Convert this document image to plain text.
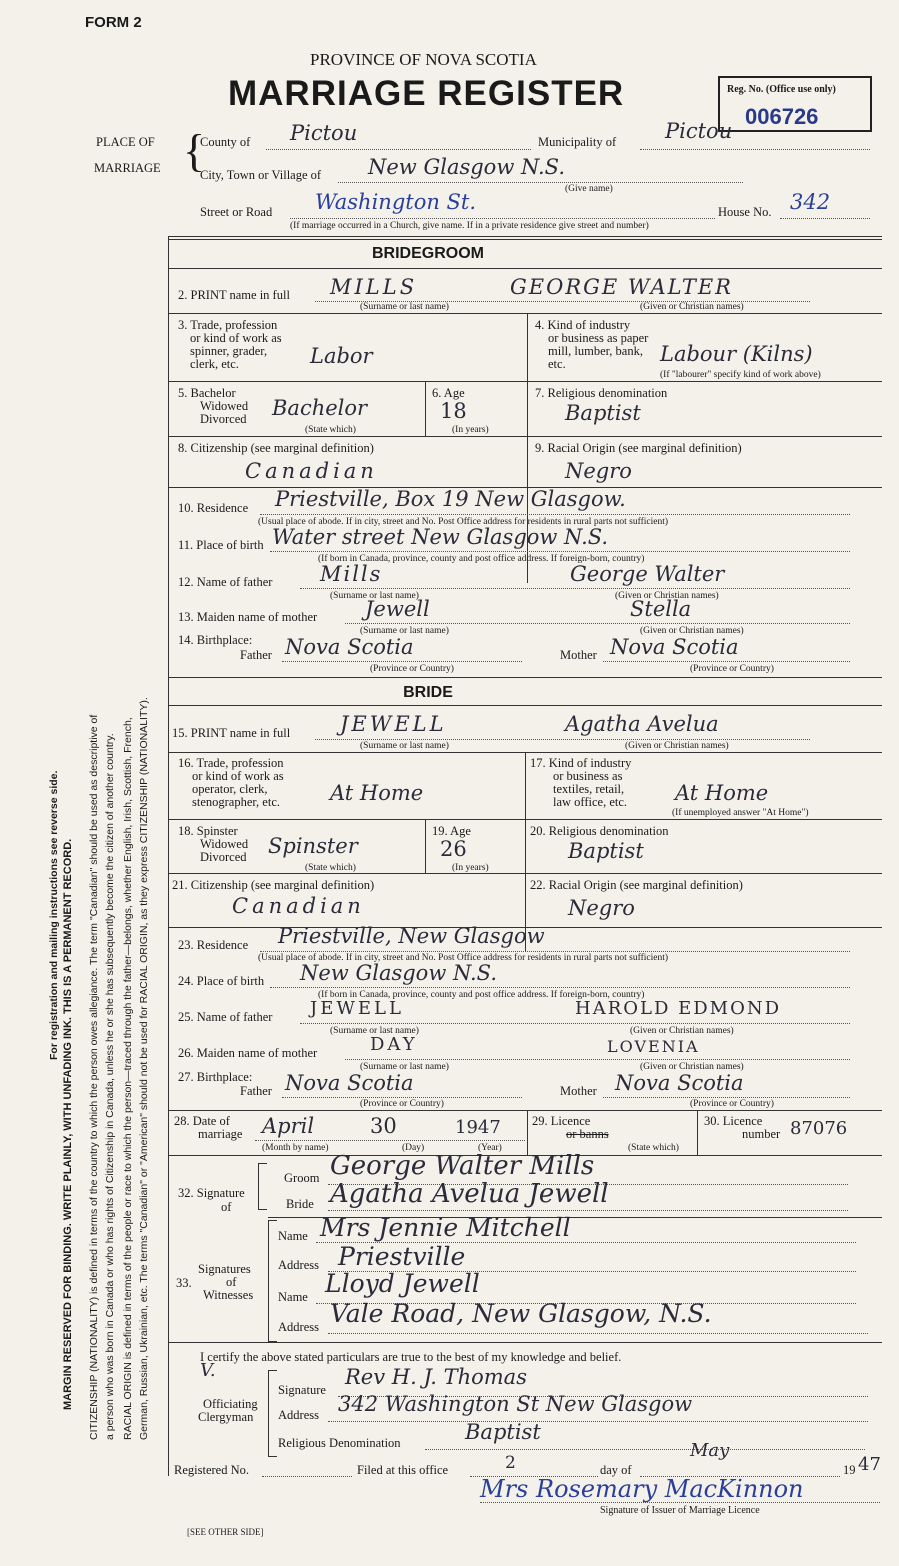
For registration and mailing instructions see reverse side. MARGIN RESERVED FOR BINDING. WRITE PLAINLY, WITH UNFADING INK. THIS IS A PERMANENT RECORD. CITIZENSHIP (NATIONALITY) is defined in terms of the country to which the person owes allegiance. The term "Canadian" should be used as descriptive of a person who was born in Canada or who has rights of Citizenship in Canada, unless he or she has subsequently become the citizen of another country. RACIAL ORIGIN is defined in terms of the people or race to which the person—traced through the father—belongs, whether English, Irish, Scottish, French, German, Russian, Ukrainian, etc. The terms "Canadian" or "American" should not be used for RACIAL ORIGIN, as they express CITIZENSHIP (NATIONALITY).
FORM 2
PROVINCE OF NOVA SCOTIA
MARRIAGE REGISTER	Reg. No. (Office use only)
006726
PLACE OF
MARRIAGE {
County of Pictou	Municipality of Pictou
City, Town or Village of New Glasgow N.S.
(Give name)
Street or Road Washington St.	House No. 342
(If marriage occurred in a Church, give name. If in a private residence give street and number)
BRIDEGROOM
2. PRINT name in full MILLS	GEORGE WALTER
(Surname or last name)	(Given or Christian names)
3. Trade, profession
or kind of work as
spinner, grader,
clerk, etc.	Labor
4. Kind of industry
or business as paper
mill, lumber, bank,
etc.	Labour (Kilns)
(If "labourer" specify kind of work above)
5. Bachelor
Widowed
Divorced Bachelor
(State which)
6. Age
18
(In years)
7. Religious denomination
Baptist
8. Citizenship (see marginal definition)
Canadian
9. Racial Origin (see marginal definition)
Negro
10. Residence Priestville, Box 19 New Glasgow.
(Usual place of abode. If in city, street and No. Post Office address for residents in rural parts not sufficient)
11. Place of birth Water street New Glasgow N.S.
(If born in Canada, province, county and post office address. If foreign-born, country)
12. Name of father Mills	George Walter
(Surname or last name)	(Given or Christian names)
13. Maiden name of mother Jewell	Stella
(Surname or last name)	(Given or Christian names)
14. Birthplace:
Father Nova Scotia
(Province or Country)
Mother Nova Scotia
(Province or Country)
BRIDE
15. PRINT name in full JEWELL	Agatha Avelua
(Surname or last name)	(Given or Christian names)
16. Trade, profession
or kind of work as
operator, clerk,
stenographer, etc. At Home
17. Kind of industry
or business as
textiles, retail,
law office, etc. At Home
(If unemployed answer "At Home")
18. Spinster
Widowed
Divorced Spinster
(State which)
19. Age
26
(In years)
20. Religious denomination
Baptist
21. Citizenship (see marginal definition)
Canadian
22. Racial Origin (see marginal definition)
Negro
23. Residence Priestville, New Glasgow
(Usual place of abode. If in city, street and No. Post Office address for residents in rural parts not sufficient)
24. Place of birth New Glasgow N.S.
(If born in Canada, province, county and post office address. If foreign-born, country)
25. Name of father JEWELL	HAROLD EDMOND
(Surname or last name)	(Given or Christian names)
26. Maiden name of mother	DAY	LOVENIA
(Surname or last name)	(Given or Christian names)
27. Birthplace:
Father Nova Scotia
(Province or Country)
Mother Nova Scotia
(Province or Country)
28. Date of
marriage April	30	1947
(Month by name)	(Day)	(Year)
29. Licence
or banns
(State which)
30. Licence
number 87076
32. Signature
of
Groom George Walter Mills
Bride Agatha Avelua Jewell
Signatures
of
Witnesses
33.
Name Mrs Jennie Mitchell
Address Priestville
Name Lloyd Jewell
Address Vale Road, New Glasgow, N.S.
I certify the above stated particulars are true to the best of my knowledge and belief.
V.
Officiating
Clergyman
Signature
Rev H. J. Thomas
Address 342 Washington St New Glasgow
Religious Denomination	Baptist
Registered No.	Filed at this office	2	day of
May
19 47
Mrs Rosemary MacKinnon
Signature of Issuer of Marriage Licence
[SEE OTHER SIDE]
